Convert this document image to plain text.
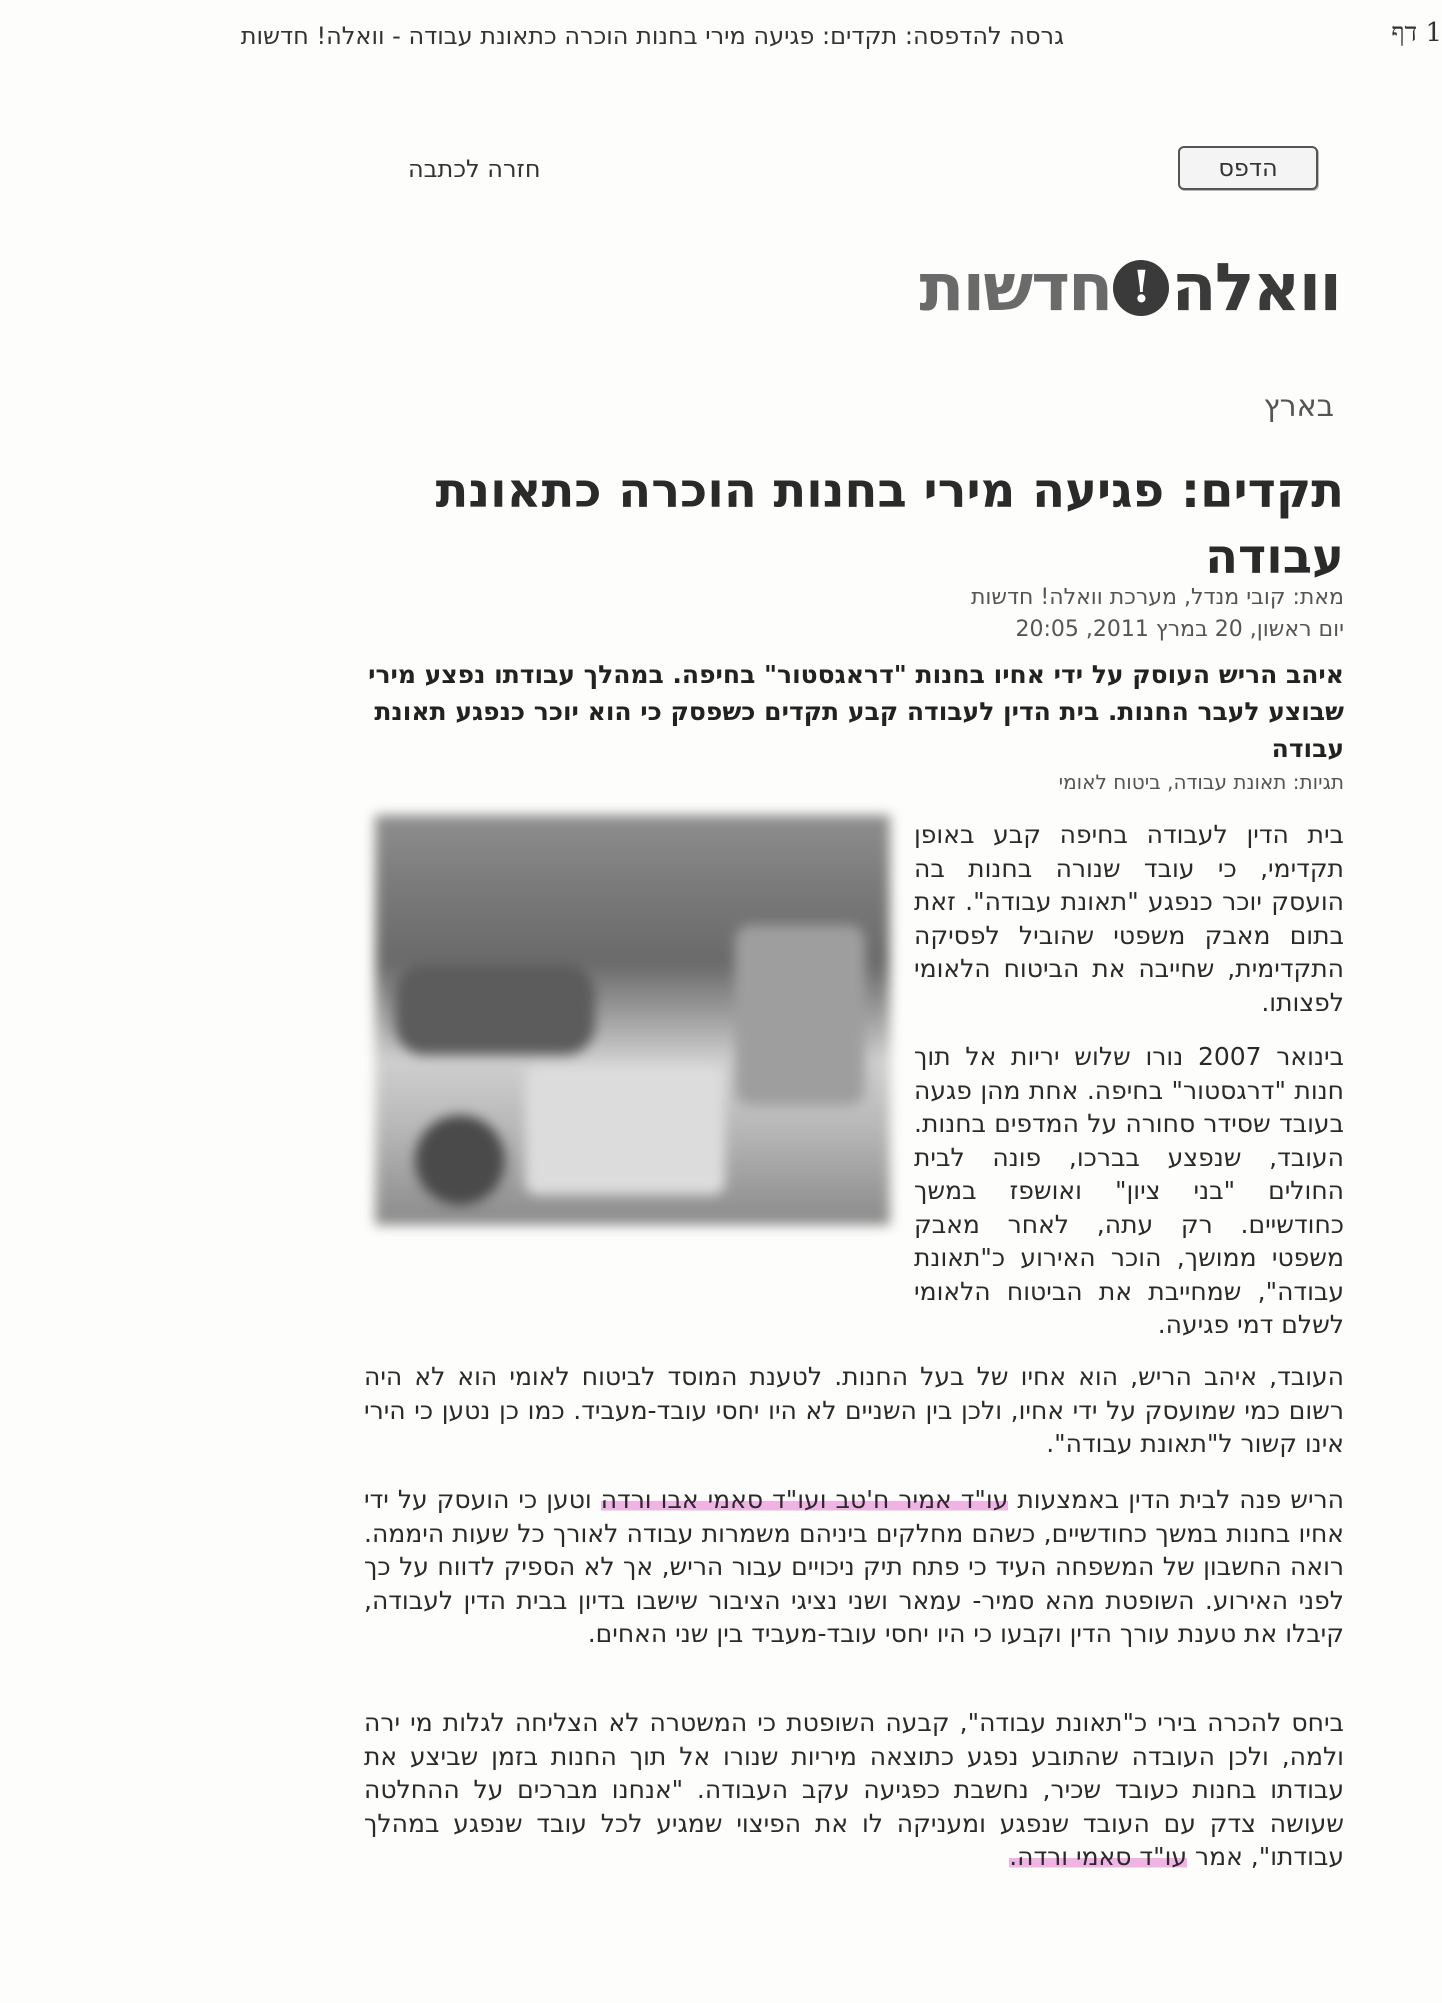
גרסה להדפסה: תקדים: פגיעה מירי בחנות הוכרה כתאונת עבודה - וואלה! חדשות	1 דף
הדפס
חזרה לכתבה
חדשות ! וואלה
בארץ
תקדים: פגיעה מירי בחנות הוכרה כתאונת עבודה
מאת: קובי מנדל, מערכת וואלה! חדשות
יום ראשון, 20 במרץ 2011, 20:05
איהב הריש העוסק על ידי אחיו בחנות "דראגסטור" בחיפה. במהלך עבודתו נפצע מירי שבוצע לעבר החנות. בית הדין לעבודה קבע תקדים כשפסק כי הוא יוכר כנפגע תאונת עבודה
תגיות: תאונת עבודה, ביטוח לאומי
בית הדין לעבודה בחיפה קבע באופן תקדימי, כי עובד שנורה בחנות בה הועסק יוכר כנפגע "תאונת עבודה". זאת בתום מאבק משפטי שהוביל לפסיקה התקדימית, שחייבה את הביטוח הלאומי לפצותו.
בינואר 2007 נורו שלוש יריות אל תוך חנות "דרגסטור" בחיפה. אחת מהן פגעה בעובד שסידר סחורה על המדפים בחנות. העובד, שנפצע בברכו, פונה לבית החולים "בני ציון" ואושפז במשך כחודשיים. רק עתה, לאחר מאבק משפטי ממושך, הוכר האירוע כ"תאונת עבודה", שמחייבת את הביטוח הלאומי לשלם דמי פגיעה.
העובד, איהב הריש, הוא אחיו של בעל החנות. לטענת המוסד לביטוח לאומי הוא לא היה רשום כמי שמועסק על ידי אחיו, ולכן בין השניים לא היו יחסי עובד-מעביד. כמו כן נטען כי הירי אינו קשור ל"תאונת עבודה".
הריש פנה לבית הדין באמצעות עו"ד אמיר ח'טב ועו"ד סאמי אבו ורדה וטען כי הועסק על ידי אחיו בחנות במשך כחודשיים, כשהם מחלקים ביניהם משמרות עבודה לאורך כל שעות היממה. רואה החשבון של המשפחה העיד כי פתח תיק ניכויים עבור הריש, אך לא הספיק לדווח על כך לפני האירוע. השופטת מהא סמיר- עמאר ושני נציגי הציבור שישבו בדיון בבית הדין לעבודה, קיבלו את טענת עורך הדין וקבעו כי היו יחסי עובד-מעביד בין שני האחים.
ביחס להכרה בירי כ"תאונת עבודה", קבעה השופטת כי המשטרה לא הצליחה לגלות מי ירה ולמה, ולכן העובדה שהתובע נפגע כתוצאה מיריות שנורו אל תוך החנות בזמן שביצע את עבודתו בחנות כעובד שכיר, נחשבת כפגיעה עקב העבודה. "אנחנו מברכים על ההחלטה שעושה צדק עם העובד שנפגע ומעניקה לו את הפיצוי שמגיע לכל עובד שנפגע במהלך עבודתו", אמר עו"ד סאמי ורדה.
